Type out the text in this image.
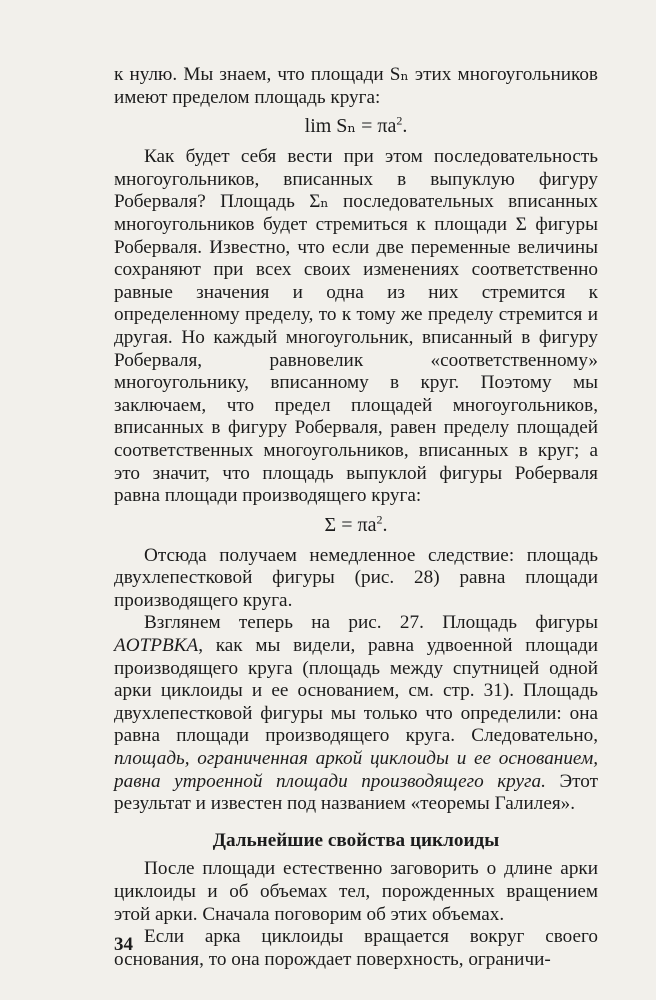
к нулю. Мы знаем, что площади Sₙ этих многоугольников имеют пределом площадь круга:

$\lim S_n = \pi a^2$.

Как будет себя вести при этом последовательность многоугольников, вписанных в выпуклую фигуру Роберваля? Площадь Σₙ последовательных вписанных многоугольников будет стремиться к площади Σ фигуры Роберваля. Известно, что если две переменные величины сохраняют при всех своих изменениях соответственно равные значения и одна из них стремится к определенному пределу, то к тому же пределу стремится и другая. Но каждый многоугольник, вписанный в фигуру Роберваля, равновелик «соответственному» многоугольнику, вписанному в круг. Поэтому мы заключаем, что предел площадей многоугольников, вписанных в фигуру Роберваля, равен пределу площадей соответственных многоугольников, вписанных в круг; а это значит, что площадь выпуклой фигуры Роберваля равна площади производящего круга:

$\Sigma = \pi a^2$.

Отсюда получаем немедленное следствие: площадь двухлепестковой фигуры (рис. 28) равна площади производящего круга.

Взглянем теперь на рис. 27. Площадь фигуры AOTPBKA, как мы видели, равна удвоенной площади производящего круга (площадь между спутницей одной арки циклоиды и ее основанием, см. стр. 31). Площадь двухлепестковой фигуры мы только что определили: она равна площади производящего круга. Следовательно, площадь, ограниченная аркой циклоиды и ее основанием, равна утроенной площади производящего круга. Этот результат и известен под названием «теоремы Галилея».

Дальнейшие свойства циклоиды

После площади естественно заговорить о длине арки циклоиды и об объемах тел, порожденных вращением этой арки. Сначала поговорим об этих объемах.

Если арка циклоиды вращается вокруг своего основания, то она порождает поверхность, ограничи-

34
